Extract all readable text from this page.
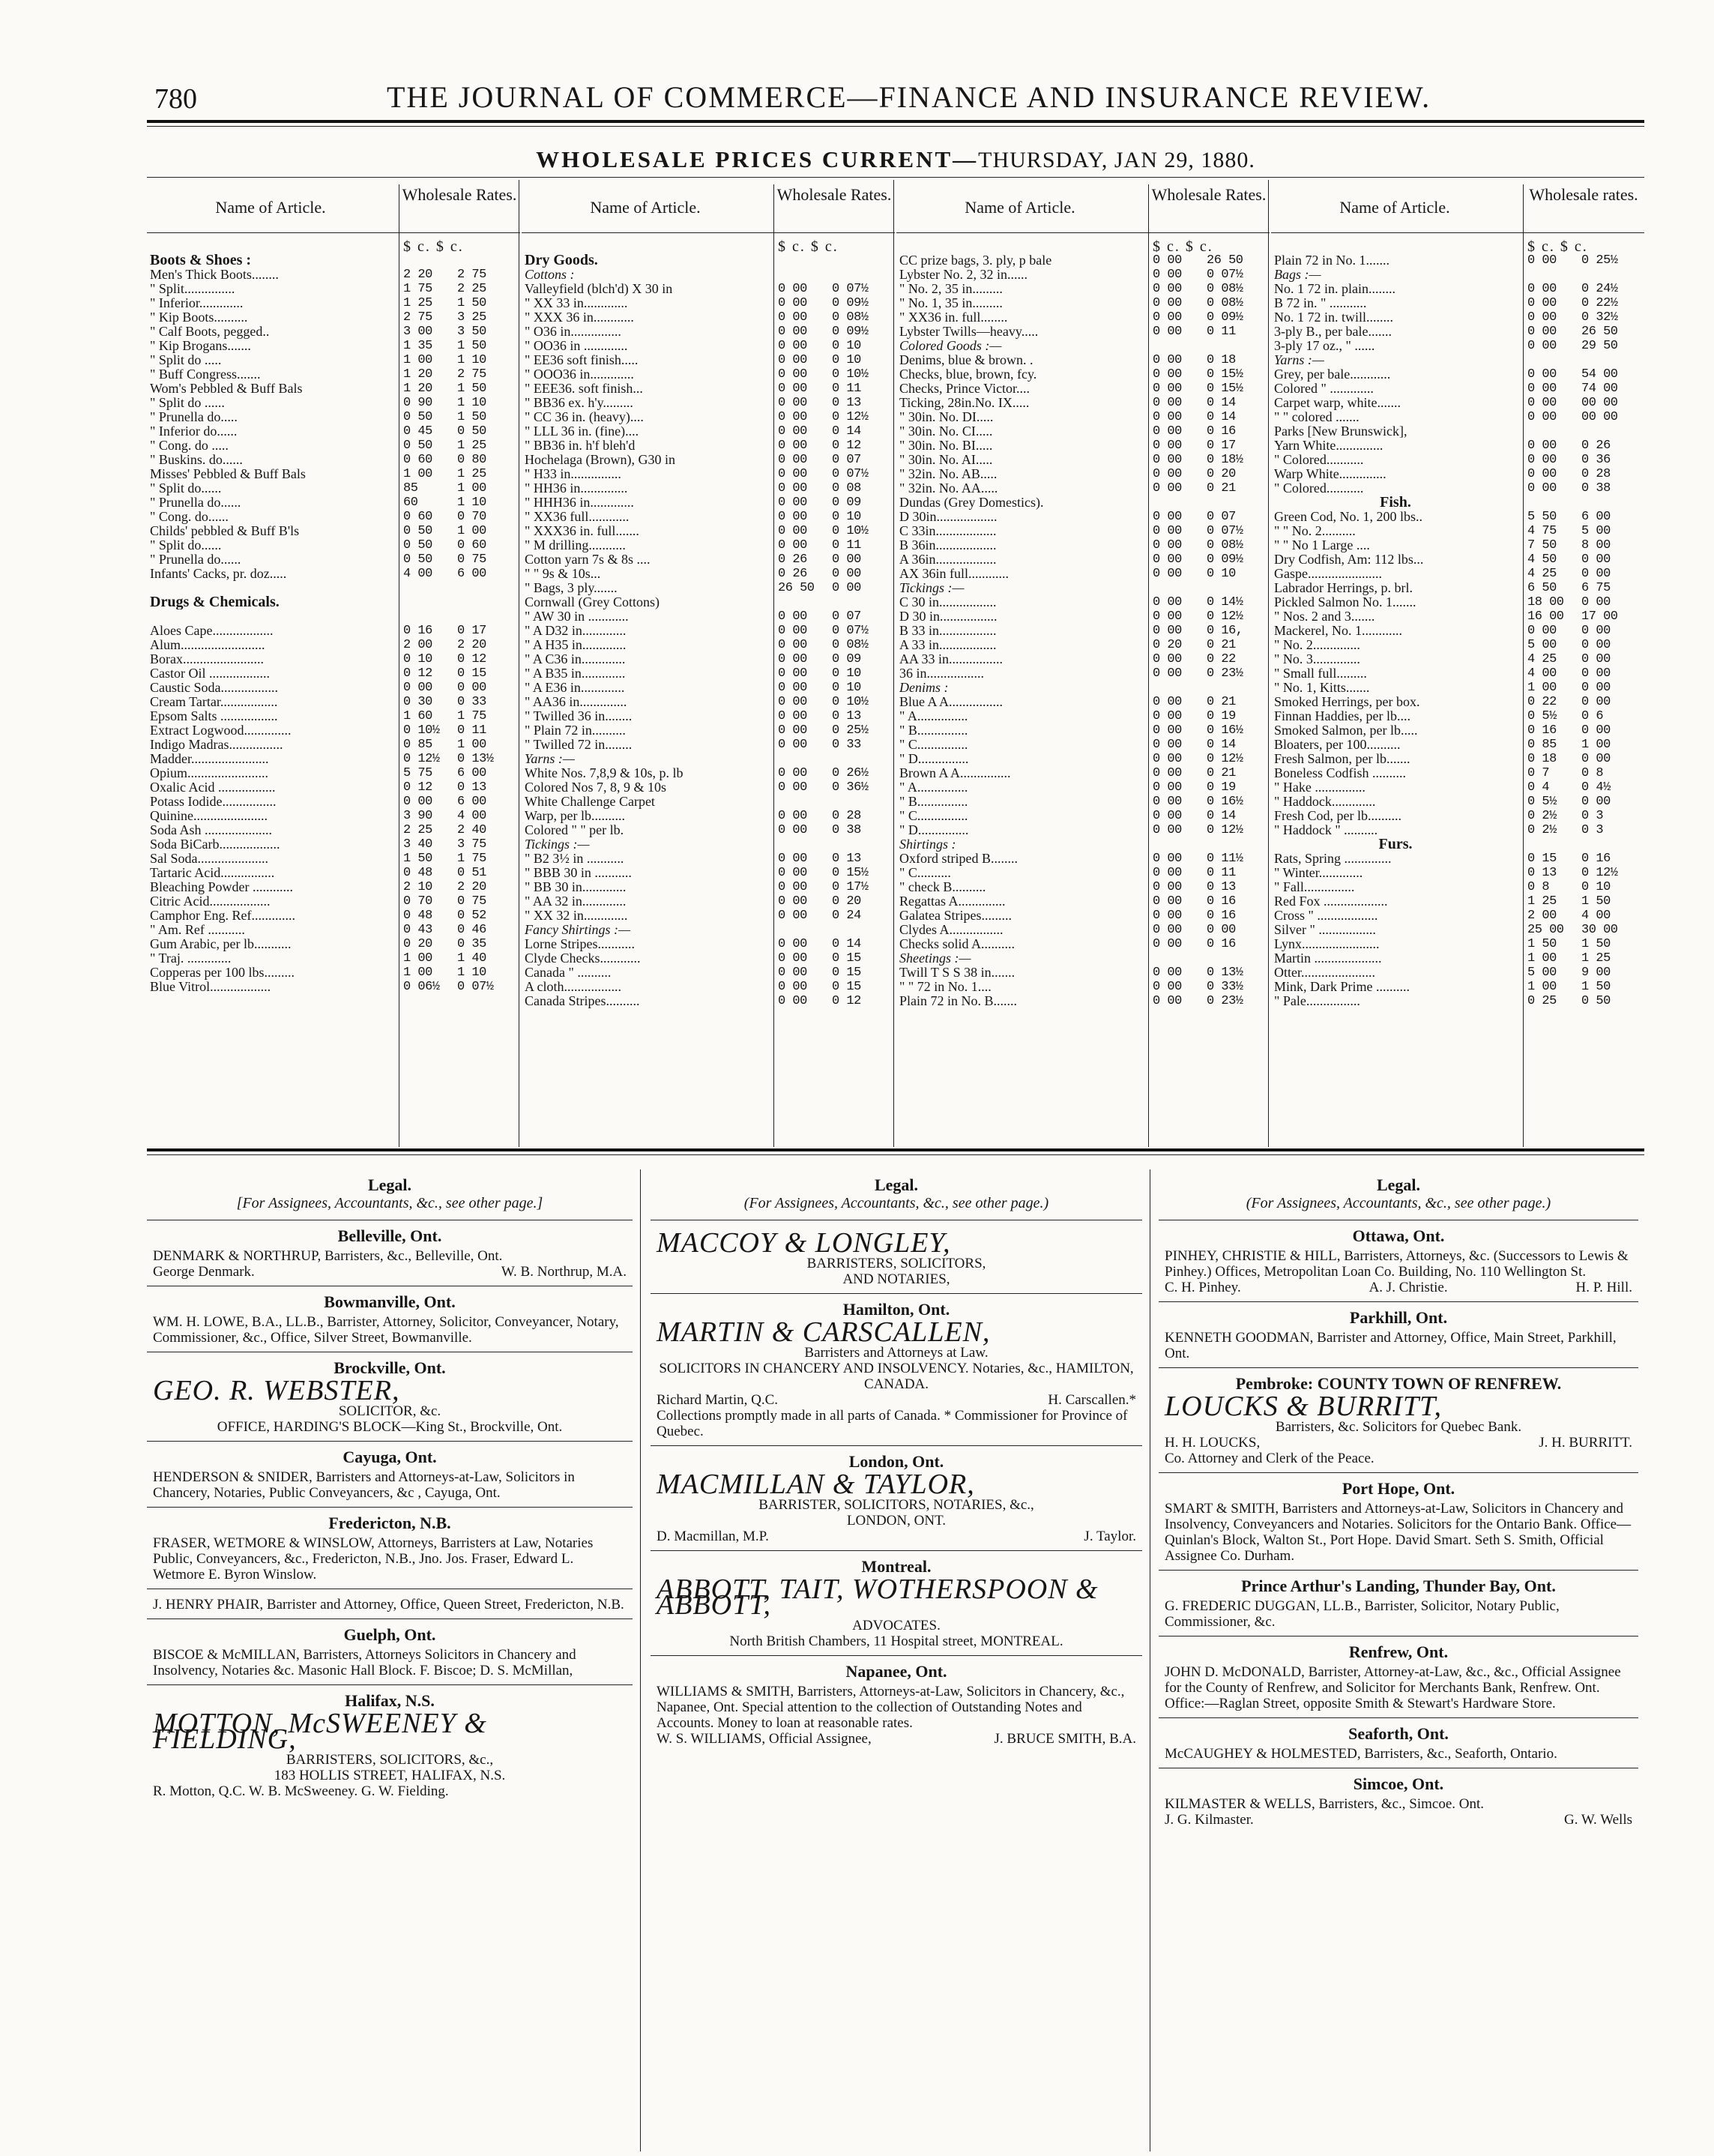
780	THE JOURNAL OF COMMERCE—FINANCE AND INSURANCE REVIEW.
WHOLESALE PRICES CURRENT—THURSDAY, JAN 29, 1880.
Name of Article.
Wholesale Rates.
$ c. $ c.
Boots & Shoes :
Men's Thick Boots........	2 20 2 75
" Split...............	1 75 2 25
" Inferior.............	1 25 1 50
" Kip Boots..........	2 75 3 25
" Calf Boots, pegged..	3 00 3 50
" Kip Brogans.......	1 35 1 50
" Split do .....	1 00 1 10
" Buff Congress.......	1 20 2 75
Wom's Pebbled & Buff Bals	1 20 1 50
" Split do ......	0 90 1 10
" Prunella do.....	0 50 1 50
" Inferior do......	0 45 0 50
" Cong. do .....	0 50 1 25
" Buskins. do......	0 60 0 80
Misses' Pebbled & Buff Bals	1 00 1 25
" Split do......	85	1 00
" Prunella do......	60	1 10
" Cong. do......	0 60 0 70
Childs' pebbled & Buff B'ls	0 50 1 00
" Split do......	0 50 0 60
" Prunella do......	0 50 0 75
Infants' Cacks, pr. doz.....	4 00 6 00
Drugs & Chemicals.
Aloes Cape..................	0 16 0 17
Alum.........................	2 00 2 20
Borax........................	0 10 0 12
Castor Oil ..................	0 12 0 15
Caustic Soda.................	0 00 0 00
Cream Tartar.................	0 30 0 33
Epsom Salts .................	1 60 1 75
Extract Logwood..............	0 10½ 0 11
Indigo Madras................	0 85 1 00
Madder.......................	0 12½ 0 13½
Opium........................	5 75 6 00
Oxalic Acid .................	0 12 0 13
Potass Iodide................	0 00 6 00
Quinine......................	3 90 4 00
Soda Ash ....................	2 25 2 40
Soda BiCarb..................	3 40 3 75
Sal Soda.....................	1 50 1 75
Tartaric Acid................	0 48 0 51
Bleaching Powder ............	2 10 2 20
Citric Acid..................	0 70 0 75
Camphor Eng. Ref.............	0 48 0 52
" Am. Ref ...........	0 43 0 46
Gum Arabic, per lb...........	0 20 0 35
" Traj. .............	1 00 1 40
Copperas per 100 lbs.........	1 00 1 10
Blue Vitrol..................	0 06½ 0 07½
Name of Article.
Wholesale Rates.
$ c. $ c.
Dry Goods.
Cottons :
Valleyfield (blch'd) X 30 in	0 00 0 07½
" XX 33 in.............	0 00 0 09½
" XXX 36 in............	0 00 0 08½
" O36 in...............	0 00 0 09½
" OO36 in .............	0 00 0 10
" EE36 soft finish.....	0 00 0 10
" OOO36 in.............	0 00 0 10½
" EEE36. soft finish...	0 00 0 11
" BB36 ex. h'y.........	0 00 0 13
" CC 36 in. (heavy)....	0 00 0 12½
" LLL 36 in. (fine)....	0 00 0 14
" BB36 in. h'f bleh'd	0 00 0 12
Hochelaga (Brown), G30 in	0 00 0 07
" H33 in...............	0 00 0 07½
" HH36 in..............	0 00 0 08
" HHH36 in.............	0 00 0 09
" XX36 full............	0 00 0 10
" XXX36 in. full.......	0 00 0 10½
" M drilling...........	0 00 0 11
Cotton yarn 7s & 8s ....	0 26 0 00
" " 9s & 10s...	0 26 0 00
" Bags, 3 ply.......	26 50 0 00
Cornwall (Grey Cottons)
" AW 30 in ............	0 00 0 07
" A D32 in.............	0 00 0 07½
" A H35 in.............	0 00 0 08½
" A C36 in.............	0 00 0 09
" A B35 in.............	0 00 0 10
" A E36 in.............	0 00 0 10
" AA36 in..............	0 00 0 10½
" Twilled 36 in........	0 00 0 13
" Plain 72 in..........	0 00 0 25½
" Twilled 72 in........	0 00 0 33
Yarns :—
White Nos. 7,8,9 & 10s, p. lb	0 00 0 26½
Colored Nos 7, 8, 9 & 10s	0 00 0 36½
White Challenge Carpet
Warp, per lb..........	0 00 0 28
Colored " " per lb.	0 00 0 38
Tickings :—
" B2 3½ in ...........	0 00 0 13
" BBB 30 in ...........	0 00 0 15½
" BB 30 in.............	0 00 0 17½
" AA 32 in.............	0 00 0 20
" XX 32 in.............	0 00 0 24
Fancy Shirtings :—
Lorne Stripes...........	0 00 0 14
Clyde Checks............	0 00 0 15
Canada " ..........	0 00 0 15
A cloth.................	0 00 0 15
Canada Stripes..........	0 00 0 12
Name of Article.
Wholesale Rates.
$ c. $ c.
CC prize bags, 3. ply, p bale	0 00 26 50
Lybster No. 2, 32 in......	0 00 0 07½
" No. 2, 35 in.........	0 00 0 08½
" No. 1, 35 in.........	0 00 0 08½
" XX36 in. full........	0 00 0 09½
Lybster Twills—heavy.....	0 00 0 11
Colored Goods :—
Denims, blue & brown. .	0 00 0 18
Checks, blue, brown, fcy.	0 00 0 15½
Checks, Prince Victor....	0 00 0 15½
Ticking, 28in.No. IX.....	0 00 0 14
" 30in. No. DI.....	0 00 0 14
" 30in. No. CI.....	0 00 0 16
" 30in. No. BI.....	0 00 0 17
" 30in. No. AI.....	0 00 0 18½
" 32in. No. AB.....	0 00 0 20
" 32in. No. AA.....	0 00 0 21
Dundas (Grey Domestics).
D 30in..................	0 00 0 07
C 33in..................	0 00 0 07½
B 36in..................	0 00 0 08½
A 36in..................	0 00 0 09½
AX 36in full............	0 00 0 10
Tickings :—
C 30 in.................	0 00 0 14½
D 30 in.................	0 00 0 12½
B 33 in.................	0 00 0 16,
A 33 in.................	0 20 0 21
AA 33 in................	0 00 0 22
36 in.................	0 00 0 23½
Denims :
Blue A A................	0 00 0 21
" A...............	0 00 0 19
" B...............	0 00 0 16½
" C...............	0 00 0 14
" D...............	0 00 0 12½
Brown A A...............	0 00 0 21
" A...............	0 00 0 19
" B...............	0 00 0 16½
" C...............	0 00 0 14
" D...............	0 00 0 12½
Shirtings :
Oxford striped B........	0 00 0 11½
" C..........	0 00 0 11
" check B..........	0 00 0 13
Regattas A..............	0 00 0 16
Galatea Stripes.........	0 00 0 16
Clydes A................	0 00 0 00
Checks solid A..........	0 00 0 16
Sheetings :—
Twill T S S 38 in.......	0 00 0 13½
" " 72 in No. 1....	0 00 0 33½
Plain 72 in No. B.......	0 00 0 23½
Name of Article.
Wholesale rates.
$ c. $ c.
Plain 72 in No. 1.......	0 00 0 25½
Bags :—
No. 1 72 in. plain........	0 00 0 24½
B 72 in. " ...........	0 00 0 22½
No. 1 72 in. twill........	0 00 0 32½
3-ply B., per bale.......	0 00 26 50
3-ply 17 oz., " ......	0 00 29 50
Yarns :—
Grey, per bale............	0 00 54 00
Colored " .............	0 00 74 00
Carpet warp, white.......	0 00 00 00
" " colored .......	0 00 00 00
Parks [New Brunswick],
Yarn White..............	0 00 0 26
" Colored...........	0 00 0 36
Warp White..............	0 00 0 28
" Colored...........	0 00 0 38
Fish.
Green Cod, No. 1, 200 lbs..	5 50 6 00
" " No. 2..........	4 75 5 00
" " No 1 Large ....	7 50 8 00
Dry Codfish, Am: 112 lbs...	4 50 0 00
Gaspe......................	4 25 0 00
Labrador Herrings, p. brl.	6 50 6 75
Pickled Salmon No. 1.......	18 00 0 00
" Nos. 2 and 3.......	16 00 17 00
Mackerel, No. 1............	0 00 0 00
" No. 2..............	5 00 0 00
" No. 3..............	4 25 0 00
" Small full.........	4 00 0 00
" No. 1, Kitts.......	1 00 0 00
Smoked Herrings, per box.	0 22 0 00
Finnan Haddies, per lb....	0 5½ 0 6
Smoked Salmon, per lb.....	0 16 0 00
Bloaters, per 100..........	0 85 1 00
Fresh Salmon, per lb.......	0 18 0 00
Boneless Codfish ..........	0 7	0 8
" Hake ...............	0 4	0 4½
" Haddock.............	0 5½ 0 00
Fresh Cod, per lb..........	0 2½ 0 3
" Haddock " ..........	0 2½ 0 3
Furs.
Rats, Spring ..............	0 15 0 16
" Winter.............	0 13 0 12½
" Fall...............	0 8	0 10
Red Fox ...................	1 25 1 50
Cross " ..................	2 00 4 00
Silver " .................	25 00 30 00
Lynx.......................	1 50 1 50
Martin ....................	1 00 1 25
Otter......................	5 00 9 00
Mink, Dark Prime ..........	1 00 1 50
" Pale................	0 25 0 50
Legal.
[For Assignees, Accountants, &c., see other page.]
Belleville, Ont.
DENMARK & NORTHRUP, Barristers, &c., Belleville, Ont.
George Denmark.	W. B. Northrup, M.A.
Bowmanville, Ont.
WM. H. LOWE, B.A., LL.B., Barrister, Attorney, Solicitor, Conveyancer, Notary, Commissioner, &c., Office, Silver Street, Bowmanville.
Brockville, Ont.
GEO. R. WEBSTER,
SOLICITOR, &c.
OFFICE, HARDING'S BLOCK—King St., Brockville, Ont.
Cayuga, Ont.
HENDERSON & SNIDER, Barristers and Attorneys-at-Law, Solicitors in Chancery, Notaries, Public Conveyancers, &c , Cayuga, Ont.
Fredericton, N.B.
FRASER, WETMORE & WINSLOW, Attorneys, Barristers at Law, Notaries Public, Conveyancers, &c., Fredericton, N.B., Jno. Jos. Fraser, Edward L. Wetmore E. Byron Winslow.
J. HENRY PHAIR, Barrister and Attorney, Office, Queen Street, Fredericton, N.B.
Guelph, Ont.
BISCOE & McMILLAN, Barristers, Attorneys Solicitors in Chancery and Insolvency, Notaries &c. Masonic Hall Block. F. Biscoe; D. S. McMillan,
Halifax, N.S.
MOTTON, McSWEENEY & FIELDING,
BARRISTERS, SOLICITORS, &c.,
183 HOLLIS STREET, HALIFAX, N.S.
R. Motton, Q.C. W. B. McSweeney. G. W. Fielding.
Legal.
(For Assignees, Accountants, &c., see other page.)
MACCOY & LONGLEY,
BARRISTERS, SOLICITORS,
AND NOTARIES,
Hamilton, Ont.
MARTIN & CARSCALLEN,
Barristers and Attorneys at Law.
SOLICITORS IN CHANCERY AND INSOLVENCY. Notaries, &c., HAMILTON, CANADA.
Richard Martin, Q.C.	H. Carscallen.*
Collections promptly made in all parts of Canada. * Commissioner for Province of Quebec.
London, Ont.
MACMILLAN & TAYLOR,
BARRISTER, SOLICITORS, NOTARIES, &c.,
LONDON, ONT.
D. Macmillan, M.P.	J. Taylor.
Montreal.
ABBOTT, TAIT, WOTHERSPOON & ABBOTT,
ADVOCATES.
North British Chambers, 11 Hospital street, MONTREAL.
Napanee, Ont.
WILLIAMS & SMITH, Barristers, Attorneys-at-Law, Solicitors in Chancery, &c., Napanee, Ont. Special attention to the collection of Outstanding Notes and Accounts. Money to loan at reasonable rates.
W. S. WILLIAMS, Official Assignee,	J. BRUCE SMITH, B.A.
Legal.
(For Assignees, Accountants, &c., see other page.)
Ottawa, Ont.
PINHEY, CHRISTIE & HILL, Barristers, Attorneys, &c. (Successors to Lewis & Pinhey.) Offices, Metropolitan Loan Co. Building, No. 110 Wellington St.
C. H. Pinhey.	A. J. Christie.	H. P. Hill.
Parkhill, Ont.
KENNETH GOODMAN, Barrister and Attorney, Office, Main Street, Parkhill, Ont.
Pembroke: COUNTY TOWN OF RENFREW.
LOUCKS & BURRITT,
Barristers, &c. Solicitors for Quebec Bank.
H. H. LOUCKS,	J. H. BURRITT.
Co. Attorney and Clerk of the Peace.
Port Hope, Ont.
SMART & SMITH, Barristers and Attorneys-at-Law, Solicitors in Chancery and Insolvency, Conveyancers and Notaries. Solicitors for the Ontario Bank. Office—Quinlan's Block, Walton St., Port Hope. David Smart. Seth S. Smith, Official Assignee Co. Durham.
Prince Arthur's Landing, Thunder Bay, Ont.
G. FREDERIC DUGGAN, LL.B., Barrister, Solicitor, Notary Public, Commissioner, &c.
Renfrew, Ont.
JOHN D. McDONALD, Barrister, Attorney-at-Law, &c., &c., Official Assignee for the County of Renfrew, and Solicitor for Merchants Bank, Renfrew. Ont. Office:—Raglan Street, opposite Smith & Stewart's Hardware Store.
Seaforth, Ont.
McCAUGHEY & HOLMESTED, Barristers, &c., Seaforth, Ontario.
Simcoe, Ont.
KILMASTER & WELLS, Barristers, &c., Simcoe. Ont.
J. G. Kilmaster.	G. W. Wells
